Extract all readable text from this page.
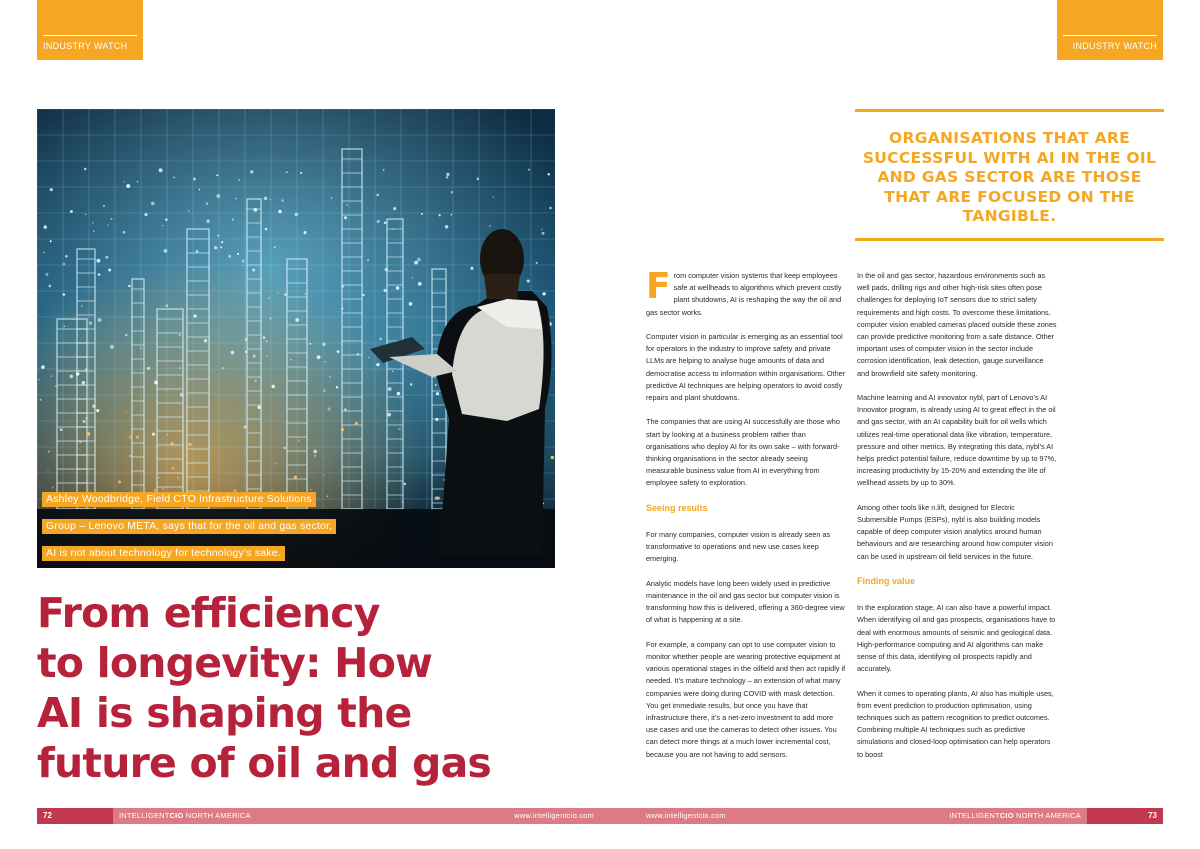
INDUSTRY WATCH	INDUSTRY WATCH
Ashley Woodbridge, Field CTO Infrastructure Solutions
Group – Lenovo META, says that for the oil and gas sector,
AI is not about technology for technology’s sake.
From efficiency
to longevity: How
AI is shaping the
future of oil and gas

ORGANISATIONS THAT ARE SUCCESSFUL WITH AI IN THE OIL AND GAS SECTOR ARE THOSE THAT ARE FOCUSED ON THE TANGIBLE.

From computer vision systems that keep employees safe at wellheads to algorithms which prevent costly plant shutdowns, AI is reshaping the way the oil and gas sector works.

Computer vision in particular is emerging as an essential tool for operators in the industry to improve safety and private LLMs are helping to analyse huge amounts of data and democratise access to information within organisations. Other predictive AI techniques are helping operators to avoid costly repairs and plant shutdowns.

The companies that are using AI successfully are those who start by looking at a business problem rather than organisations who deploy AI for its own sake – with forward-thinking organisations in the sector already seeing measurable business value from AI in everything from employee safety to exploration.

Seeing results

For many companies, computer vision is already seen as transformative to operations and new use cases keep emerging.

Analytic models have long been widely used in predictive maintenance in the oil and gas sector but computer vision is transforming how this is delivered, offering a 360-degree view of what is happening at a site.

For example, a company can opt to use computer vision to monitor whether people are wearing protective equipment at various operational stages in the oilfield and then act rapidly if needed. It’s mature technology – an extension of what many companies were doing during COVID with mask detection. You get immediate results, but once you have that infrastructure there, it’s a net-zero investment to add more use cases and use the cameras to detect other issues. You can detect more things at a much lower incremental cost, because you are not having to add sensors.

In the oil and gas sector, hazardous environments such as well pads, drilling rigs and other high-risk sites often pose challenges for deploying IoT sensors due to strict safety requirements and high costs. To overcome these limitations, computer vision enabled cameras placed outside these zones can provide predictive monitoring from a safe distance. Other important uses of computer vision in the sector include corrosion identification, leak detection, gauge surveillance and brownfield site safety monitoring.

Machine learning and AI innovator nybl, part of Lenovo’s AI Innovator program, is already using AI to great effect in the oil and gas sector, with an AI capability built for oil wells which utilizes real-time operational data like vibration, temperature, pressure and other metrics. By integrating this data, nybl’s AI helps predict potential failure, reduce downtime by up to 97%, increasing productivity by 15-20% and extending the life of wellhead assets by up to 30%.

Among other tools like n.lift, designed for Electric Submersible Pumps (ESPs), nybl is also building models capable of deep computer vision analytics around human behaviours and are researching around how computer vision can be used in upstream oil field services in the future.

Finding value

In the exploration stage, AI can also have a powerful impact. When identifying oil and gas prospects, organisations have to deal with enormous amounts of seismic and geological data. High-performance computing and AI algorithms can make sense of this data, identifying oil prospects rapidly and accurately.

When it comes to operating plants, AI also has multiple uses, from event prediction to production optimisation, using techniques such as pattern recognition to predict outcomes. Combining multiple AI techniques such as predictive simulations and closed-loop optimisation can help operators to boost

72	INTELLIGENTCIO NORTH AMERICA	www.intelligentcio.com	www.intelligentcio.com	INTELLIGENTCIO NORTH AMERICA	73
